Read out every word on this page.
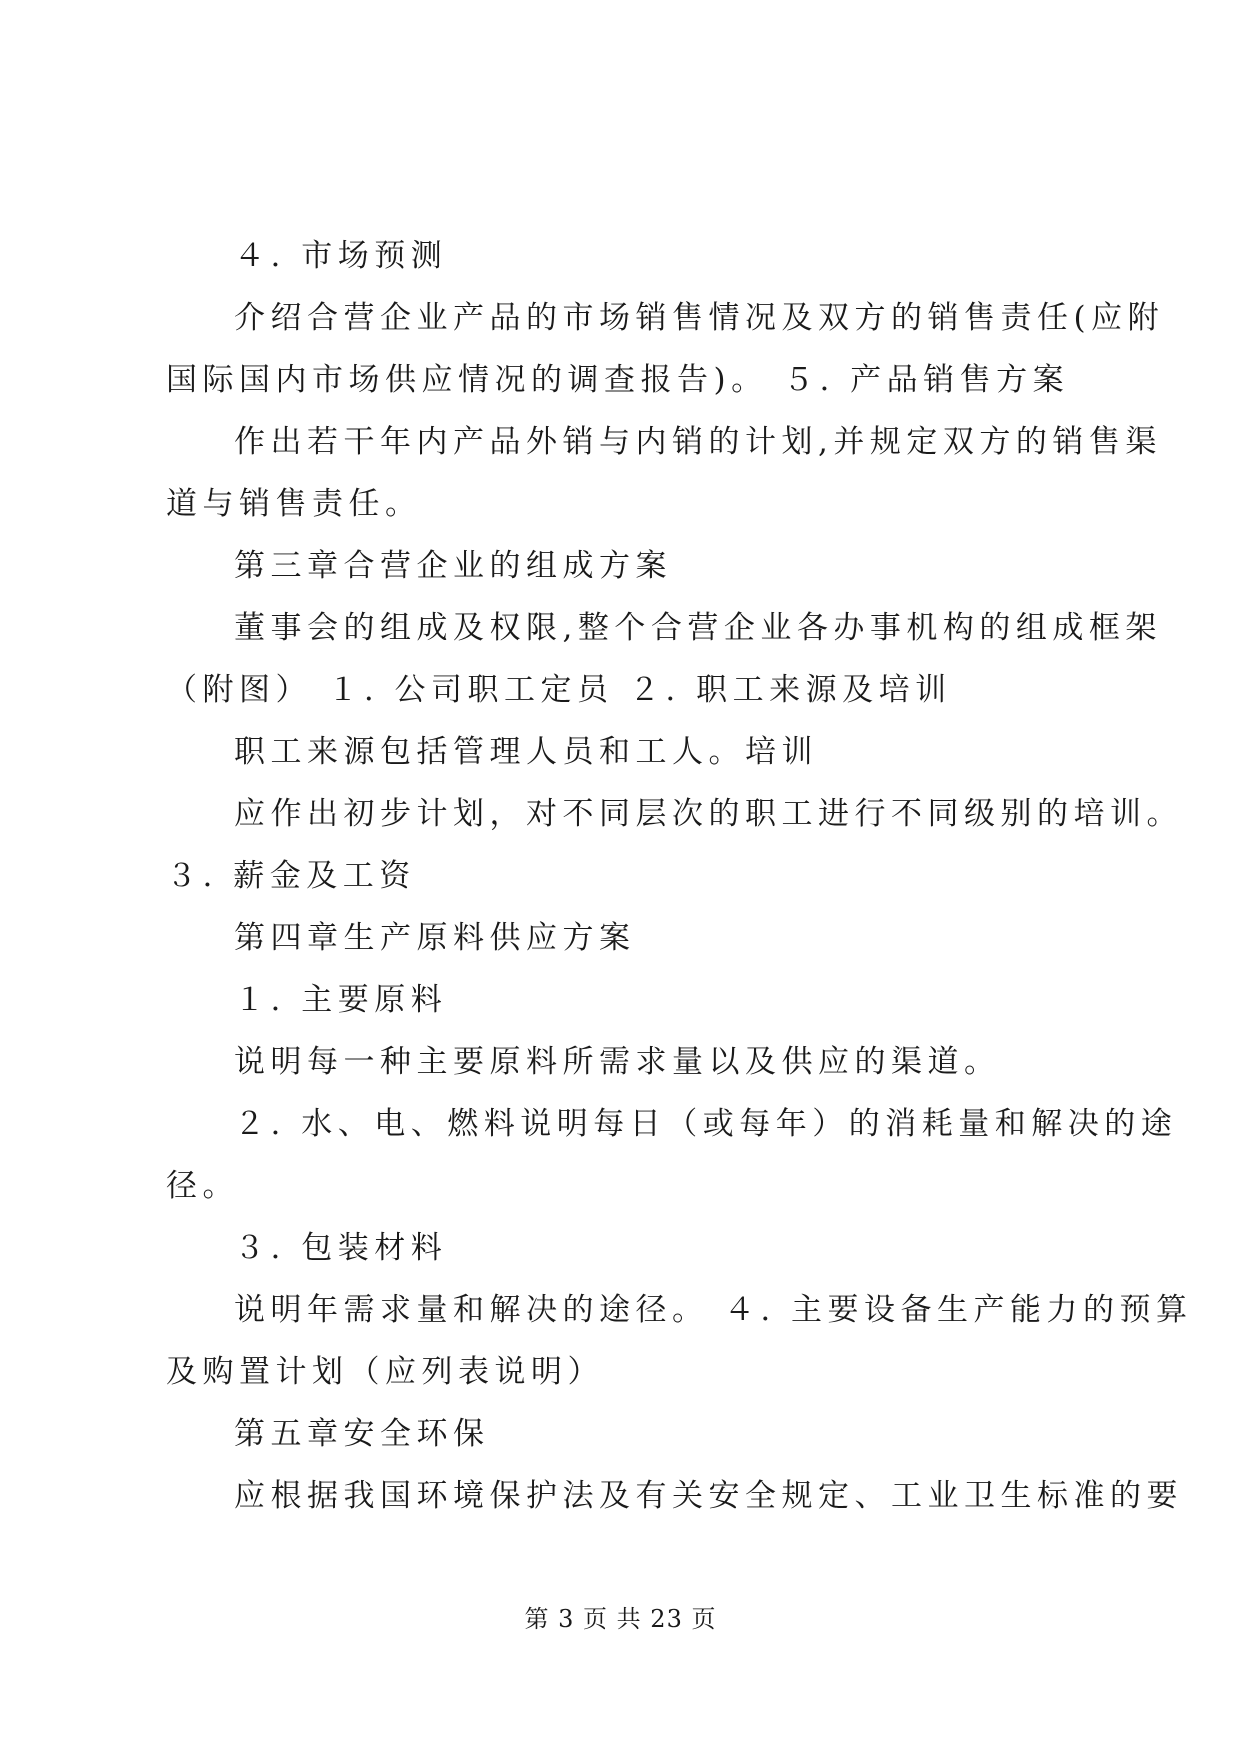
４. 市场预测
介绍合营企业产品的市场销售情况及双方的销售责任(应附
国际国内市场供应情况的调查报告)。 ５. 产品销售方案
作出若干年内产品外销与内销的计划,并规定双方的销售渠
道与销售责任。
第三章合营企业的组成方案
董事会的组成及权限,整个合营企业各办事机构的组成框架
（附图） １. 公司职工定员 ２. 职工来源及培训
职工来源包括管理人员和工人。培训
应作出初步计划，对不同层次的职工进行不同级别的培训。
３. 薪金及工资
第四章生产原料供应方案
１. 主要原料
说明每一种主要原料所需求量以及供应的渠道。
２. 水、电、燃料说明每日（或每年）的消耗量和解决的途
径。
３. 包装材料
说明年需求量和解决的途径。 ４. 主要设备生产能力的预算
及购置计划（应列表说明）
第五章安全环保
应根据我国环境保护法及有关安全规定、工业卫生标准的要
第 3 页 共 23 页
